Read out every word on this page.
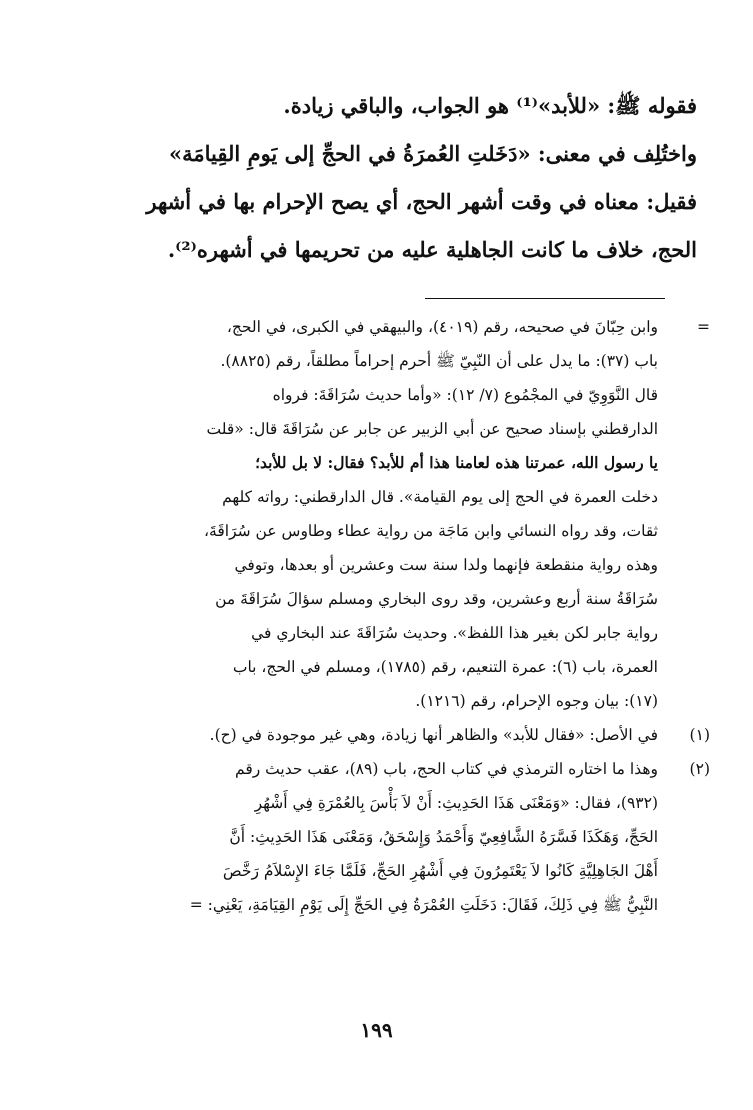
فقوله ﷺ: «للأبد»⁽¹⁾ هو الجواب، والباقي زيادة.
واختُلِف في معنى: «دَخَلتِ العُمرَةُ في الحجِّ إلى يَومِ القِيامَة»
فقيل: معناه في وقت أشهر الحج، أي يصح الإحرام بها في أشهر
الحج، خلاف ما كانت الجاهلية عليه من تحريمها في أشهره⁽²⁾.

=
وابن حِبّانَ في صحيحه، رقم (٤٠١٩)، والبيهقي في الكبرى، في الحج،
باب (٣٧): ما يدل على أن النّبِيّ ﷺ أحرم إحراماً مطلقاً، رقم (٨٨٢٥).
قال النَّوَوِيّ في المجْمُوع (٧/ ١٢): «وأما حديث سُرَاقَةَ: فرواه
الدارقطني بإسناد صحيح عن أبي الزبير عن جابر عن سُرَاقَةَ قال: «قلت
يا رسول الله، عمرتنا هذه لعامنا هذا أم للأبد؟ فقال: لا بل للأبد؛
دخلت العمرة في الحج إلى يوم القيامة». قال الدارقطني: رواته كلهم
ثقات، وقد رواه النسائي وابن مَاجَة من رواية عطاء وطاوس عن سُرَاقَةَ،
وهذه رواية منقطعة فإنهما ولدا سنة ست وعشرين أو بعدها، وتوفي
سُرَاقَةُ سنة أربع وعشرين، وقد روى البخاري ومسلم سؤالَ سُرَاقَةَ من
رواية جابر لكن بغير هذا اللفظ». وحديث سُرَاقَةَ عند البخاري في
العمرة، باب (٦): عمرة التنعيم، رقم (١٧٨٥)، ومسلم في الحج، باب
(١٧): بيان وجوه الإحرام، رقم (١٢١٦).
(١)
في الأصل: «فقال للأبد» والظاهر أنها زيادة، وهي غير موجودة في (ح).
(٢)
وهذا ما اختاره الترمذي في كتاب الحج، باب (٨٩)، عقب حديث رقم
(٩٣٢)، فقال: «وَمَعْنَى هَذَا الحَدِيثِ: أَنْ لاَ بَأْسَ بِالعُمْرَةِ فِي أَشْهُرِ
الحَجِّ، وَهَكَذَا فَسَّرَهُ الشَّافِعِيّ وَأَحْمَدُ وَإِسْحَقُ، وَمَعْنَى هَذَا الحَدِيثِ: أَنَّ
أَهْلَ الجَاهِلِيَّةِ كَانُوا لاَ يَعْتَمِرُونَ فِي أَشْهُرِ الحَجِّ، فَلَمَّا جَاءَ الإِسْلاَمُ رَخَّصَ
النَّبِيُّ ﷺ فِي ذَلِكَ، فَقَالَ: دَخَلَتِ العُمْرَةُ فِي الحَجِّ إِلَى يَوْمِ القِيَامَةِ، يَعْنِي: =
١٩٩
